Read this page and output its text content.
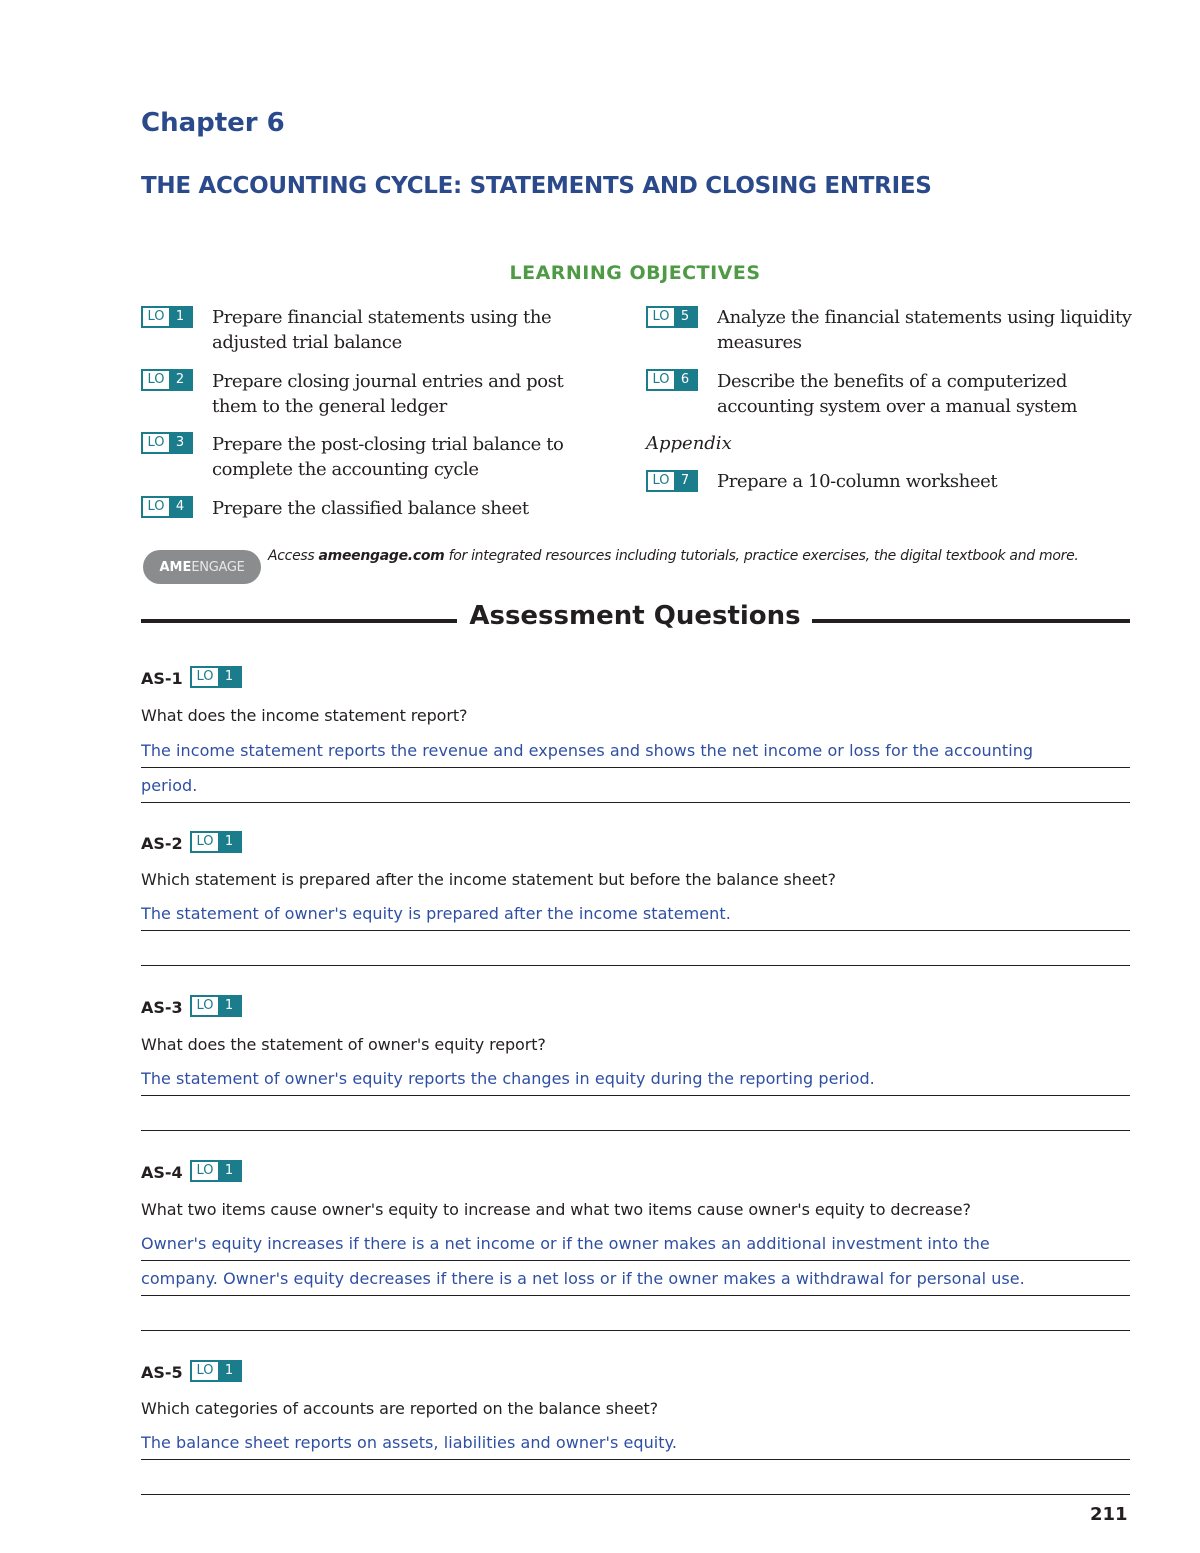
Chapter 6
THE ACCOUNTING CYCLE: STATEMENTS AND CLOSING ENTRIES
LEARNING OBJECTIVES
LO 1	Prepare financial statements using the adjusted trial balance
LO 2	Prepare closing journal entries and post them to the general ledger
LO 3	Prepare the post-closing trial balance to complete the accounting cycle
LO 4	Prepare the classified balance sheet
LO 5	Analyze the financial statements using liquidity measures
LO 6	Describe the benefits of a computerized accounting system over a manual system
Appendix
LO 7	Prepare a 10-column worksheet
AME ENGAGE
Access ameengage.com for integrated resources including tutorials, practice exercises, the digital textbook and more.
Assessment Questions
AS-1	LO 1
What does the income statement report?
The income statement reports the revenue and expenses and shows the net income or loss for the accounting
period.
AS-2	LO 1
Which statement is prepared after the income statement but before the balance sheet?
The statement of owner's equity is prepared after the income statement.
AS-3	LO 1
What does the statement of owner's equity report?
The statement of owner's equity reports the changes in equity during the reporting period.
AS-4	LO 1
What two items cause owner's equity to increase and what two items cause owner's equity to decrease?
Owner's equity increases if there is a net income or if the owner makes an additional investment into the
company. Owner's equity decreases if there is a net loss or if the owner makes a withdrawal for personal use.
AS-5	LO 1
Which categories of accounts are reported on the balance sheet?
The balance sheet reports on assets, liabilities and owner's equity.
211
